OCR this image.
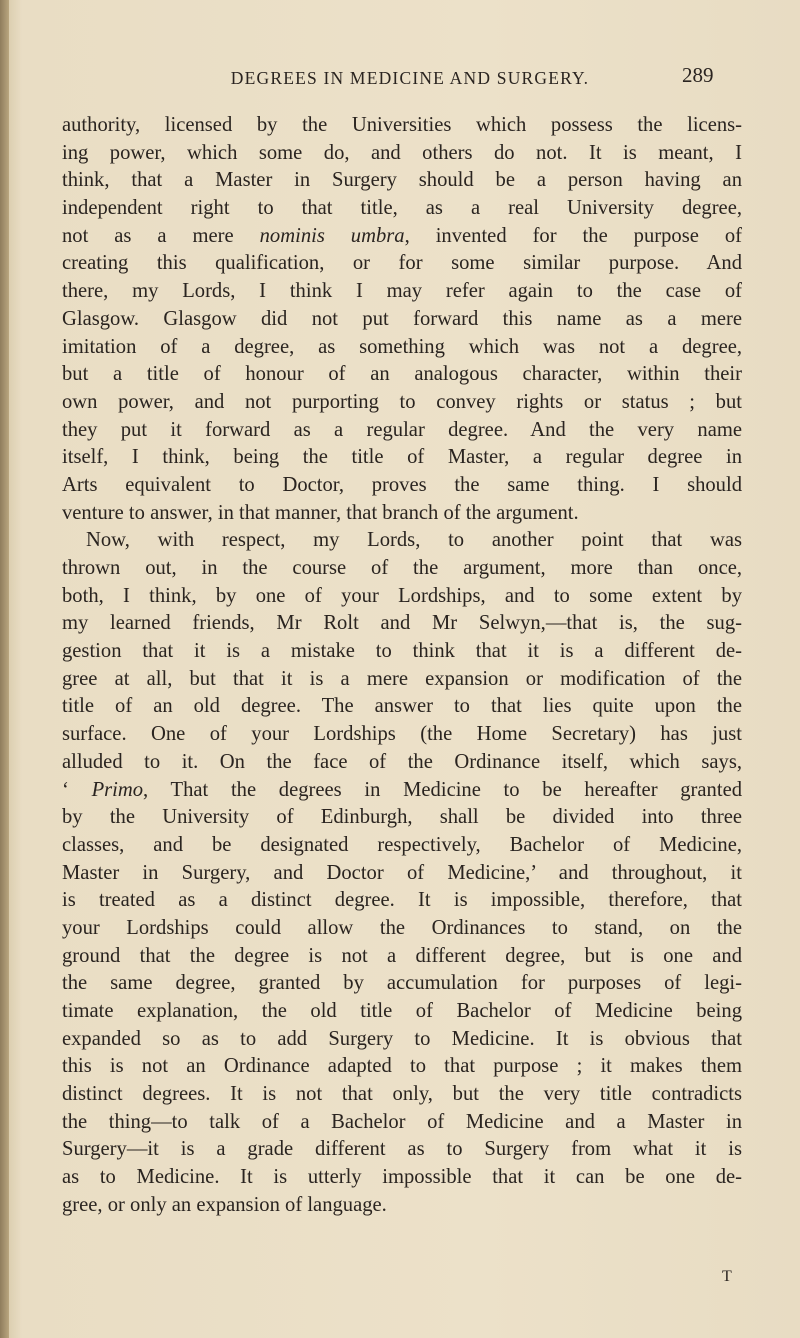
DEGREES IN MEDICINE AND SURGERY.	289
authority, licensed by the Universities which possess the licens-
ing power, which some do, and others do not. It is meant, I
think, that a Master in Surgery should be a person having an
independent right to that title, as a real University degree,
not as a mere nominis umbra, invented for the purpose of
creating this qualification, or for some similar purpose. And
there, my Lords, I think I may refer again to the case of
Glasgow. Glasgow did not put forward this name as a mere
imitation of a degree, as something which was not a degree,
but a title of honour of an analogous character, within their
own power, and not purporting to convey rights or status ; but
they put it forward as a regular degree. And the very name
itself, I think, being the title of Master, a regular degree in
Arts equivalent to Doctor, proves the same thing. I should
venture to answer, in that manner, that branch of the argument.
Now, with respect, my Lords, to another point that was
thrown out, in the course of the argument, more than once,
both, I think, by one of your Lordships, and to some extent by
my learned friends, Mr Rolt and Mr Selwyn,—that is, the sug-
gestion that it is a mistake to think that it is a different de-
gree at all, but that it is a mere expansion or modification of the
title of an old degree. The answer to that lies quite upon the
surface. One of your Lordships (the Home Secretary) has just
alluded to it. On the face of the Ordinance itself, which says,
‘ Primo, That the degrees in Medicine to be hereafter granted
by the University of Edinburgh, shall be divided into three
classes, and be designated respectively, Bachelor of Medicine,
Master in Surgery, and Doctor of Medicine,’ and throughout, it
is treated as a distinct degree. It is impossible, therefore, that
your Lordships could allow the Ordinances to stand, on the
ground that the degree is not a different degree, but is one and
the same degree, granted by accumulation for purposes of legi-
timate explanation, the old title of Bachelor of Medicine being
expanded so as to add Surgery to Medicine. It is obvious that
this is not an Ordinance adapted to that purpose ; it makes them
distinct degrees. It is not that only, but the very title contradicts
the thing—to talk of a Bachelor of Medicine and a Master in
Surgery—it is a grade different as to Surgery from what it is
as to Medicine. It is utterly impossible that it can be one de-
gree, or only an expansion of language.
T
